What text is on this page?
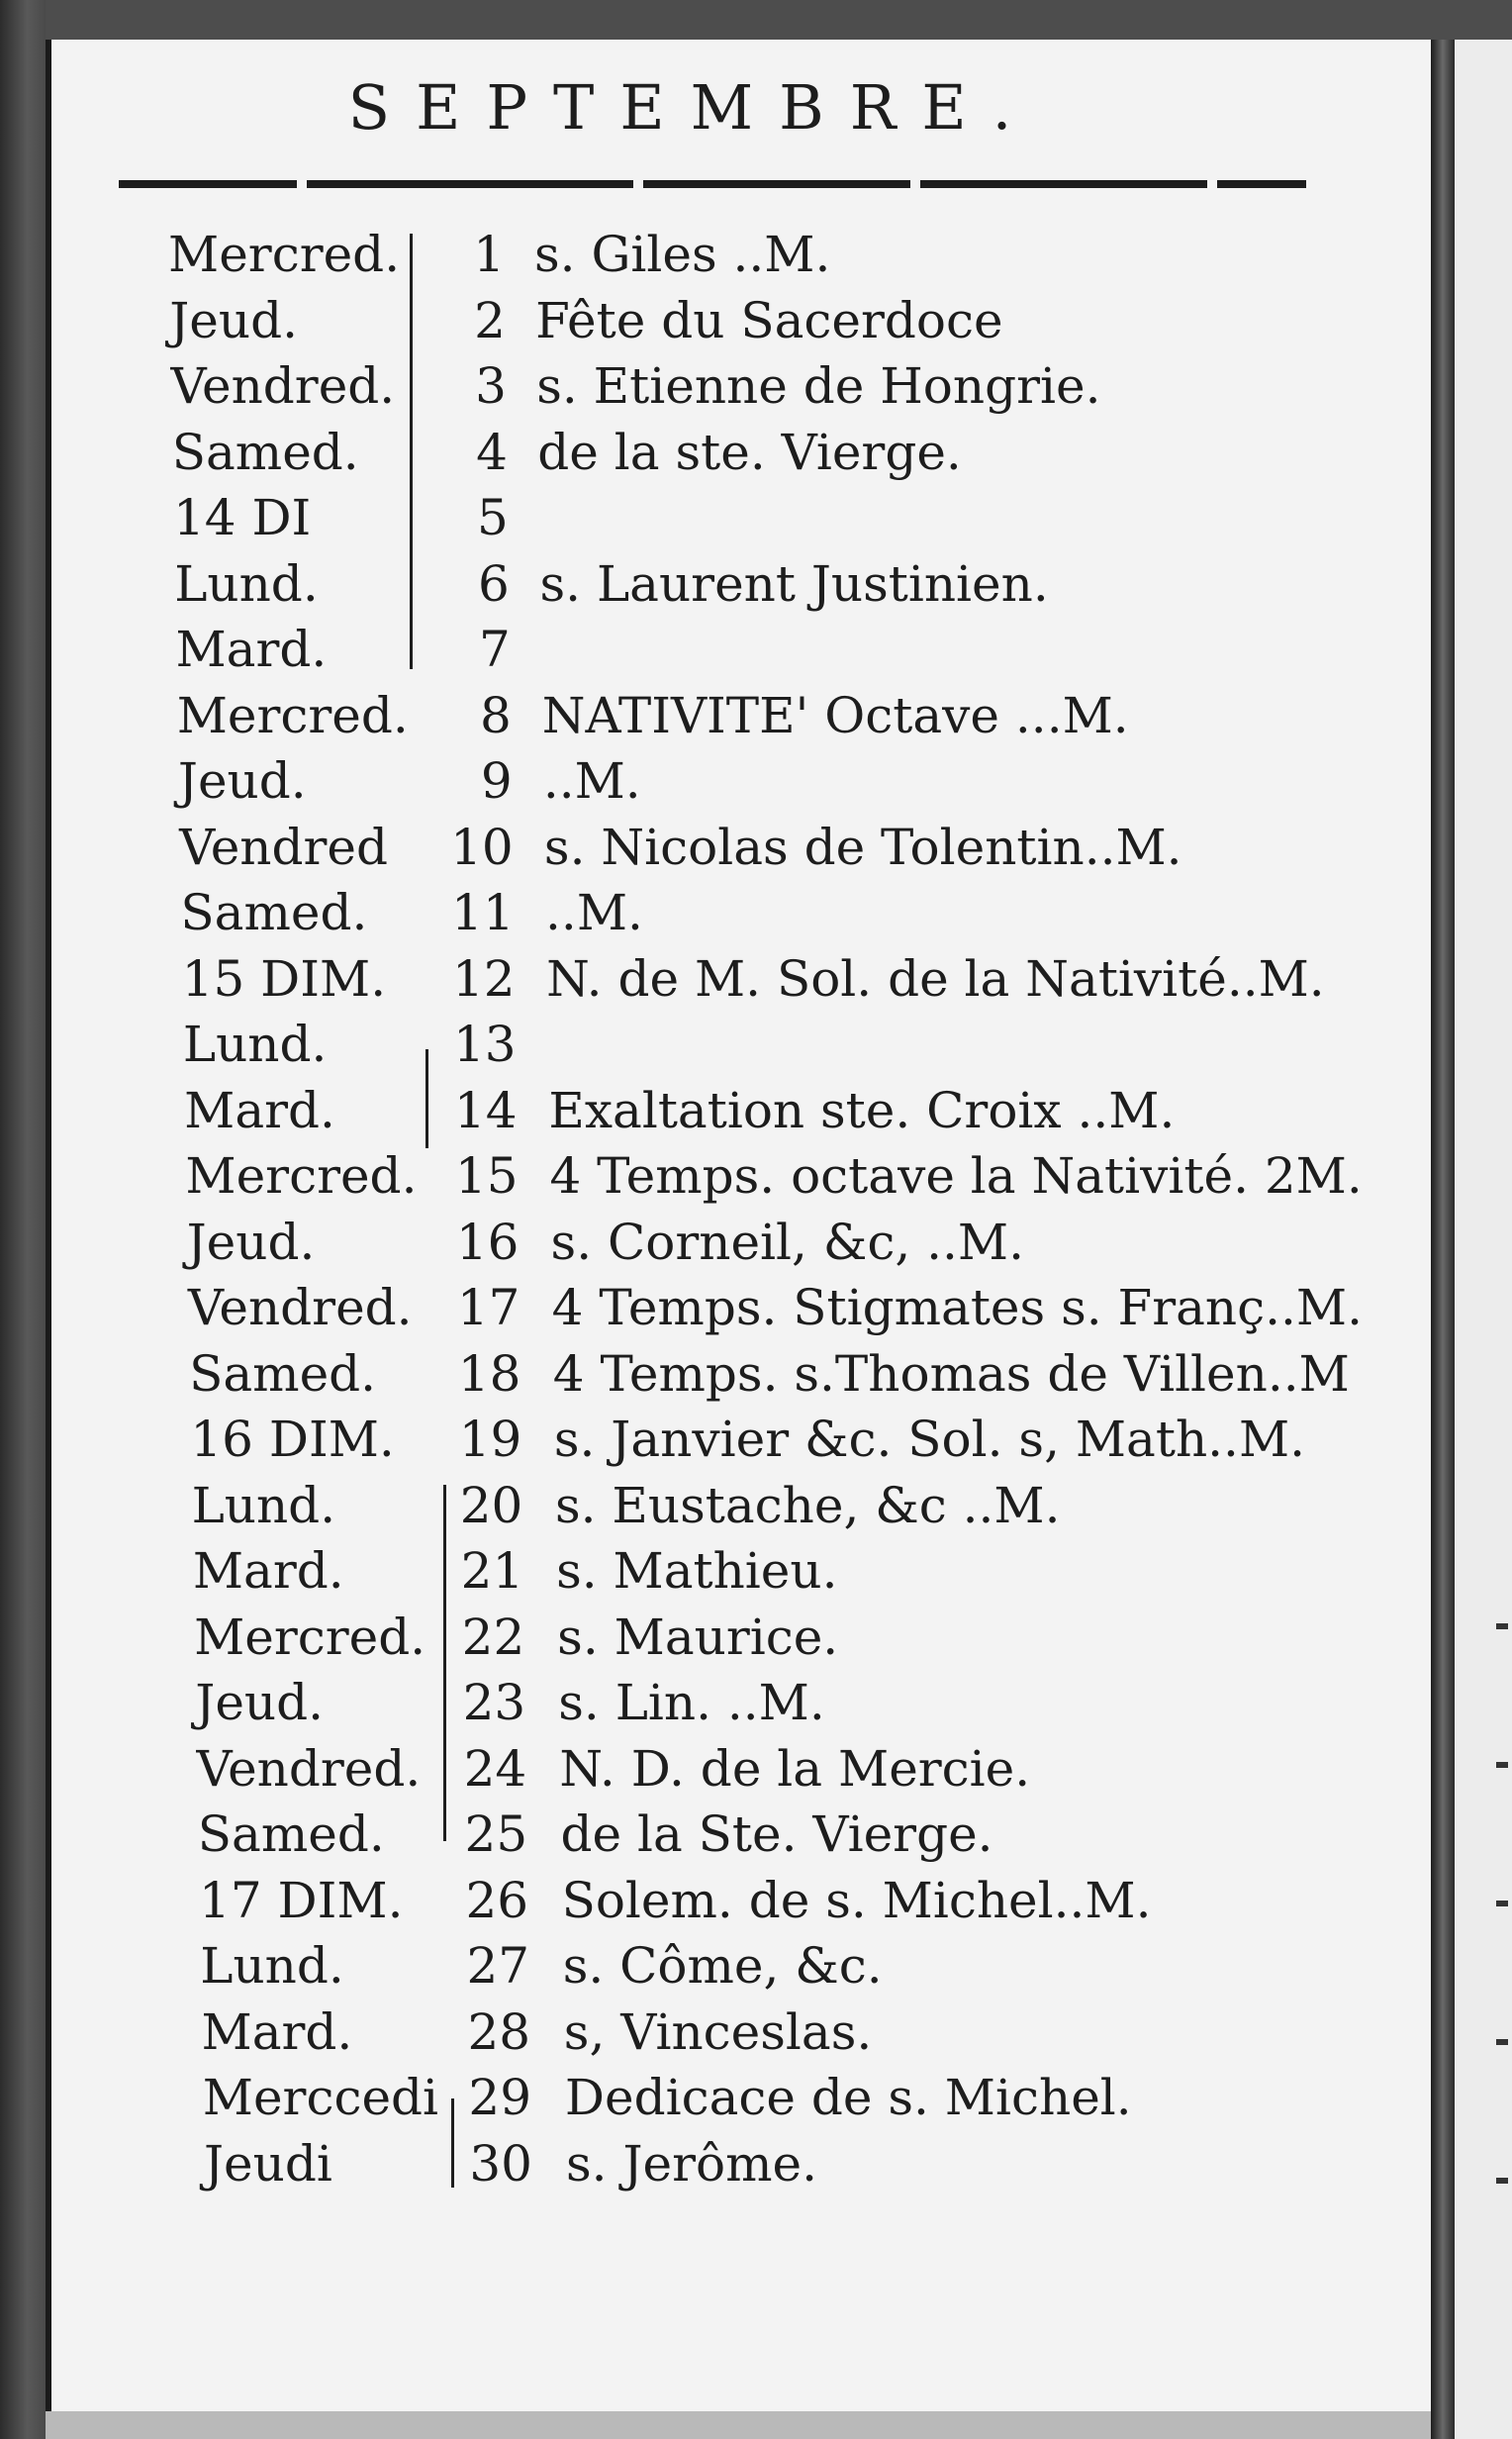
SEPTEMBRE.
Mercred.	1 s. Giles ..M.
Jeud.	2 Fête du Sacerdoce
Vendred.	3 s. Etienne de Hongrie.
Samed.	4 de la ste. Vierge.
14 DI	5
Lund.	6 s. Laurent Justinien.
Mard.	7
Mercred.	8 NATIVITE' Octave ...M.
Jeud.	9 ..M.
Vendred	10 s. Nicolas de Tolentin..M.
Samed.	11 ..M.
15 DIM.	12 N. de M. Sol. de la Nativité..M.
Lund.	13
Mard.	14 Exaltation ste. Croix ..M.
Mercred. 15 4 Temps. octave la Nativité. 2M.
Jeud.	16 s. Corneil, &c, ..M.
Vendred. 17 4 Temps. Stigmates s. Franç..M.
Samed.	18 4 Temps. s.Thomas de Villen..M
16 DIM.	19 s. Janvier &c. Sol. s, Math..M.
Lund.	20 s. Eustache, &c ..M.
Mard.	21 s. Mathieu.
Mercred. 22 s. Maurice.
Jeud.	23 s. Lin. ..M.
Vendred. 24 N. D. de la Mercie.
Samed.	25 de la Ste. Vierge.
17 DIM.	26 Solem. de s. Michel..M.
Lund.	27 s. Côme, &c.
Mard.	28 s, Vinceslas.
Merccedi 29 Dedicace de s. Michel.
Jeudi	30 s. Jerôme.
